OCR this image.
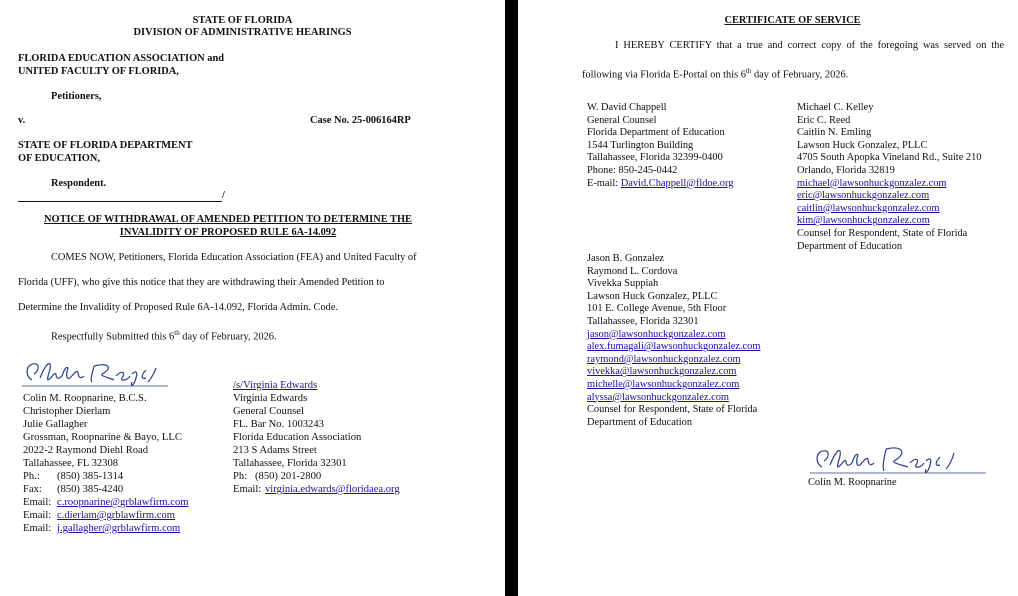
STATE OF FLORIDA
DIVISION OF ADMINISTRATIVE HEARINGS
FLORIDA EDUCATION ASSOCIATION and
UNITED FACULTY OF FLORIDA,
Petitioners,
v.	Case No. 25-006164RP
STATE OF FLORIDA DEPARTMENT
OF EDUCATION,
Respondent.
/
NOTICE OF WITHDRAWAL OF AMENDED PETITION TO DETERMINE THE
INVALIDITY OF PROPOSED RULE 6A-14.092
COMES NOW, Petitioners, Florida Education Association (FEA) and United Faculty of
Florida (UFF), who give this notice that they are withdrawing their Amended Petition to
Determine the Invalidity of Proposed Rule 6A-14.092, Florida Admin. Code.
Respectfully Submitted this 6th day of February, 2026.
Colin M. Roopnarine, B.C.S.
Christopher Dierlam
Julie Gallagher
Grossman, Roopnarine & Bayo, LLC
2022-2 Raymond Diehl Road
Tallahassee, FL 32308
Ph.: (850) 385-1314
Fax: (850) 385-4240
Email: c.roopnarine@grblawfirm.com
Email: c.dierlam@grblawfirm.com
Email: j.gallagher@grblawfirm.com
/s/Virginia Edwards
Virginia Edwards
General Counsel
FL. Bar No. 1003243
Florida Education Association
213 S Adams Street
Tallahassee, Florida 32301
Ph: (850) 201-2800
Email: virginia.edwards@floridaea.org
CERTIFICATE OF SERVICE
I HEREBY CERTIFY that a true and correct copy of the foregoing was served on the
following via Florida E-Portal on this 6th day of February, 2026.
W. David Chappell
General Counsel
Florida Department of Education
1544 Turlington Building
Tallahassee, Florida 32399-0400
Phone: 850-245-0442
E-mail: David.Chappell@fldoe.org
Michael C. Kelley
Eric C. Reed
Caitlin N. Emling
Lawson Huck Gonzalez, PLLC
4705 South Apopka Vineland Rd., Suite 210
Orlando, Florida 32819
michael@lawsonhuckgonzalez.com
eric@lawsonhuckgonzalez.com
caitlin@lawsonhuckgonzalez.com
kim@lawsonhuckgonzalez.com
Counsel for Respondent, State of Florida
Department of Education
Jason B. Gonzalez
Raymond L. Cordova
Vivekka Suppiah
Lawson Huck Gonzalez, PLLC
101 E. College Avenue, 5th Floor
Tallahassee, Florida 32301
jason@lawsonhuckgonzalez.com
alex.fumagali@lawsonhuckgonzalez.com
raymond@lawsonhuckgonzalez.com
vivekka@lawsonhuckgonzalez.com
michelle@lawsonhuckgonzalez.com
alyssa@lawsonhuckgonzalez.com
Counsel for Respondent, State of Florida
Department of Education
Colin M. Roopnarine
